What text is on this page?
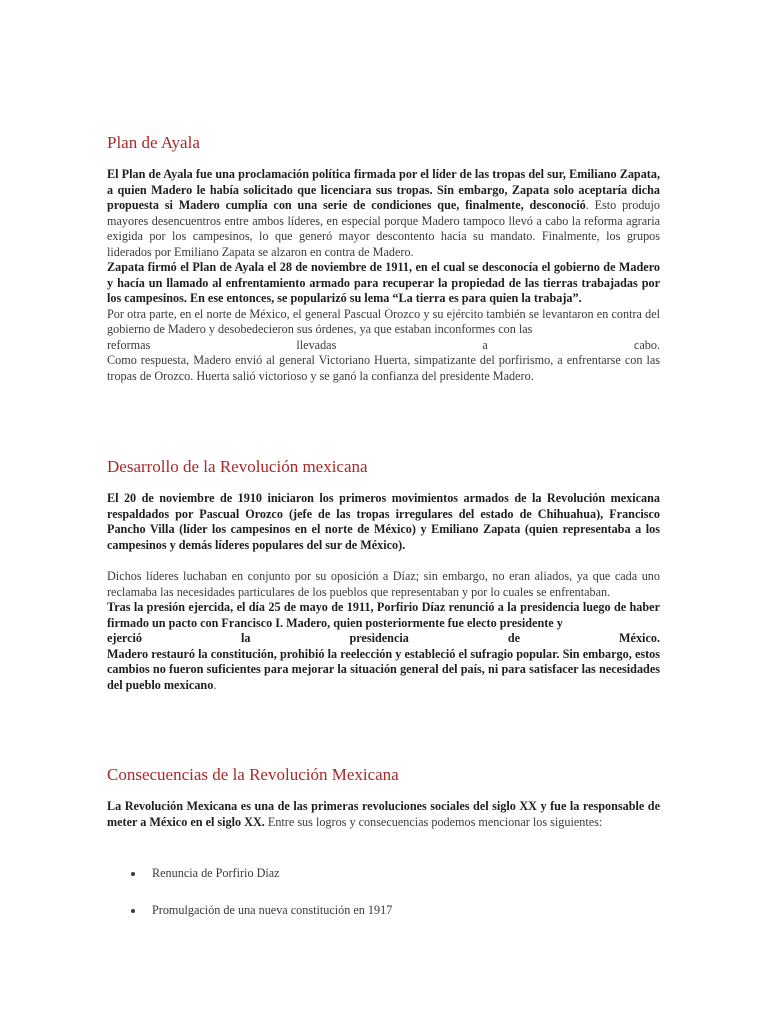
Plan de Ayala

El Plan de Ayala fue una proclamación política firmada por el líder de las tropas del sur, Emiliano Zapata, a quien Madero le había solicitado que licenciara sus tropas. Sin embargo, Zapata solo aceptaría dicha propuesta si Madero cumplía con una serie de condiciones que, finalmente, desconoció. Esto produjo mayores desencuentros entre ambos líderes, en especial porque Madero tampoco llevó a cabo la reforma agraria exigida por los campesinos, lo que generó mayor descontento hacia su mandato. Finalmente, los grupos liderados por Emiliano Zapata se alzaron en contra de Madero.
Zapata firmó el Plan de Ayala el 28 de noviembre de 1911, en el cual se desconocía el gobierno de Madero y hacía un llamado al enfrentamiento armado para recuperar la propiedad de las tierras trabajadas por los campesinos. En ese entonces, se popularizó su lema “La tierra es para quien la trabaja”.
Por otra parte, en el norte de México, el general Pascual Orozco y su ejército también se levantaron en contra del gobierno de Madero y desobedecieron sus órdenes, ya que estaban inconformes con las
reformas llevadas a cabo.
Como respuesta, Madero envió al general Victoriano Huerta, simpatizante del porfirismo, a enfrentarse con las tropas de Orozco. Huerta salió victorioso y se ganó la confianza del presidente Madero.

Desarrollo de la Revolución mexicana

El 20 de noviembre de 1910 iniciaron los primeros movimientos armados de la Revolución mexicana respaldados por Pascual Orozco (jefe de las tropas irregulares del estado de Chihuahua), Francisco Pancho Villa (líder los campesinos en el norte de México) y Emiliano Zapata (quien representaba a los campesinos y demás líderes populares del sur de México).

Dichos líderes luchaban en conjunto por su oposición a Díaz; sin embargo, no eran aliados, ya que cada uno reclamaba las necesidades particulares de los pueblos que representaban y por lo cuales se enfrentaban.
Tras la presión ejercida, el día 25 de mayo de 1911, Porfirio Díaz renunció a la presidencia luego de haber firmado un pacto con Francisco I. Madero, quien posteriormente fue electo presidente y
ejerció la presidencia de México.
Madero restauró la constitución, prohibió la reelección y estableció el sufragio popular. Sin embargo, estos cambios no fueron suficientes para mejorar la situación general del país, ni para satisfacer las necesidades del pueblo mexicano.

Consecuencias de la Revolución Mexicana

La Revolución Mexicana es una de las primeras revoluciones sociales del siglo XX y fue la responsable de meter a México en el siglo XX. Entre sus logros y consecuencias podemos mencionar los siguientes:

Renuncia de Porfirio Díaz
Promulgación de una nueva constitución en 1917
